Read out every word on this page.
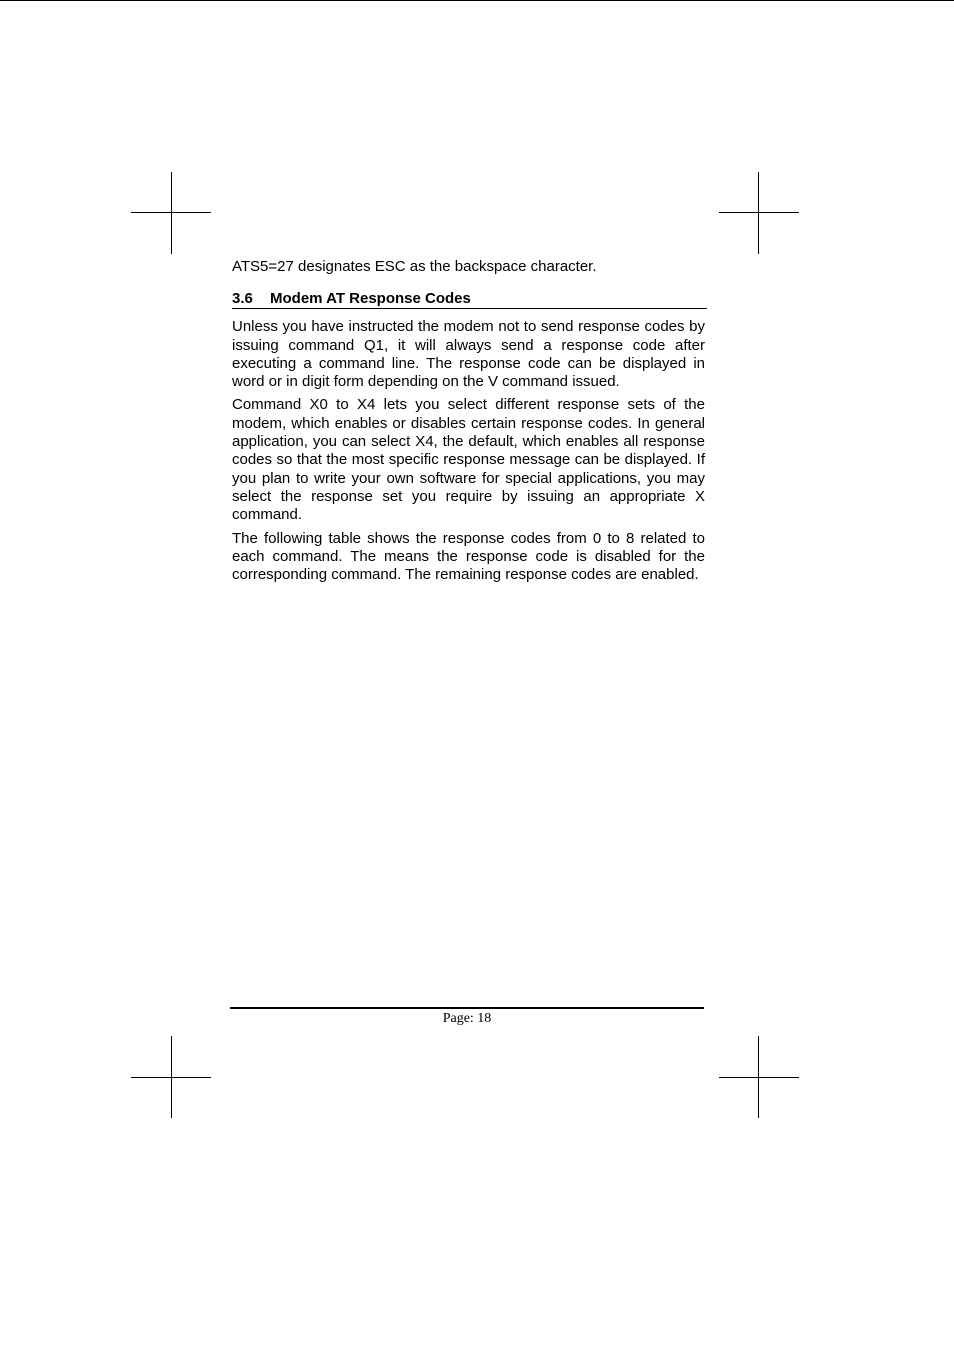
ATS5=27 designates ESC as the backspace character.

3.6 Modem AT Response Codes

Unless you have instructed the modem not to send response codes by issuing command Q1, it will always send a response code after executing a command line. The response code can be displayed in word or in digit form depending on the V command issued.

Command X0 to X4 lets you select different response sets of the modem, which enables or disables certain response codes. In general application, you can select X4, the default, which enables all response codes so that the most specific response message can be displayed. If you plan to write your own software for special applications, you may select the response set you require by issuing an appropriate X command.

The following table shows the response codes from 0 to 8 related to each command. The means the response code is disabled for the corresponding command. The remaining response codes are enabled.

Page: 18
